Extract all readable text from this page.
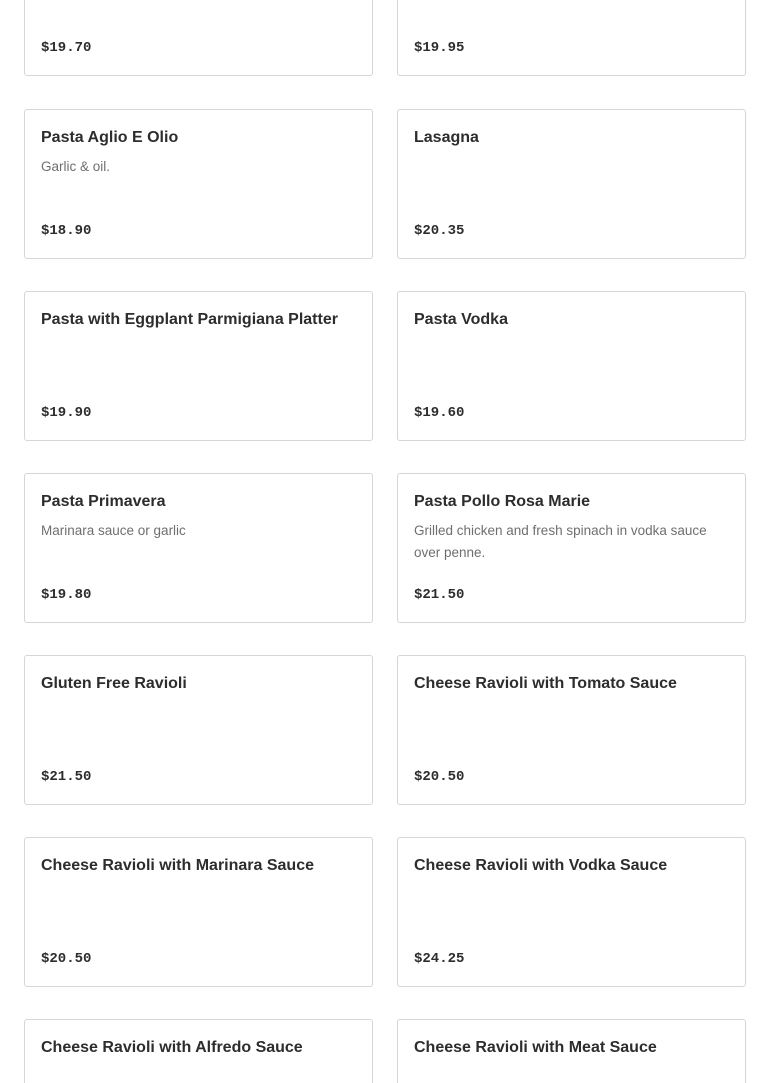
$19.70	$19.95
Pasta Aglio E Olio
Garlic & oil.
$18.90
Lasagna
$20.35
Pasta with Eggplant Parmigiana Platter
$19.90
Pasta Vodka
$19.60
Pasta Primavera
Marinara sauce or garlic
$19.80
Pasta Pollo Rosa Marie
Grilled chicken and fresh spinach in vodka sauce over penne.
$21.50
Gluten Free Ravioli
$21.50
Cheese Ravioli with Tomato Sauce
$20.50
Cheese Ravioli with Marinara Sauce
$20.50
Cheese Ravioli with Vodka Sauce
$24.25
Cheese Ravioli with Alfredo Sauce	Cheese Ravioli with Meat Sauce
